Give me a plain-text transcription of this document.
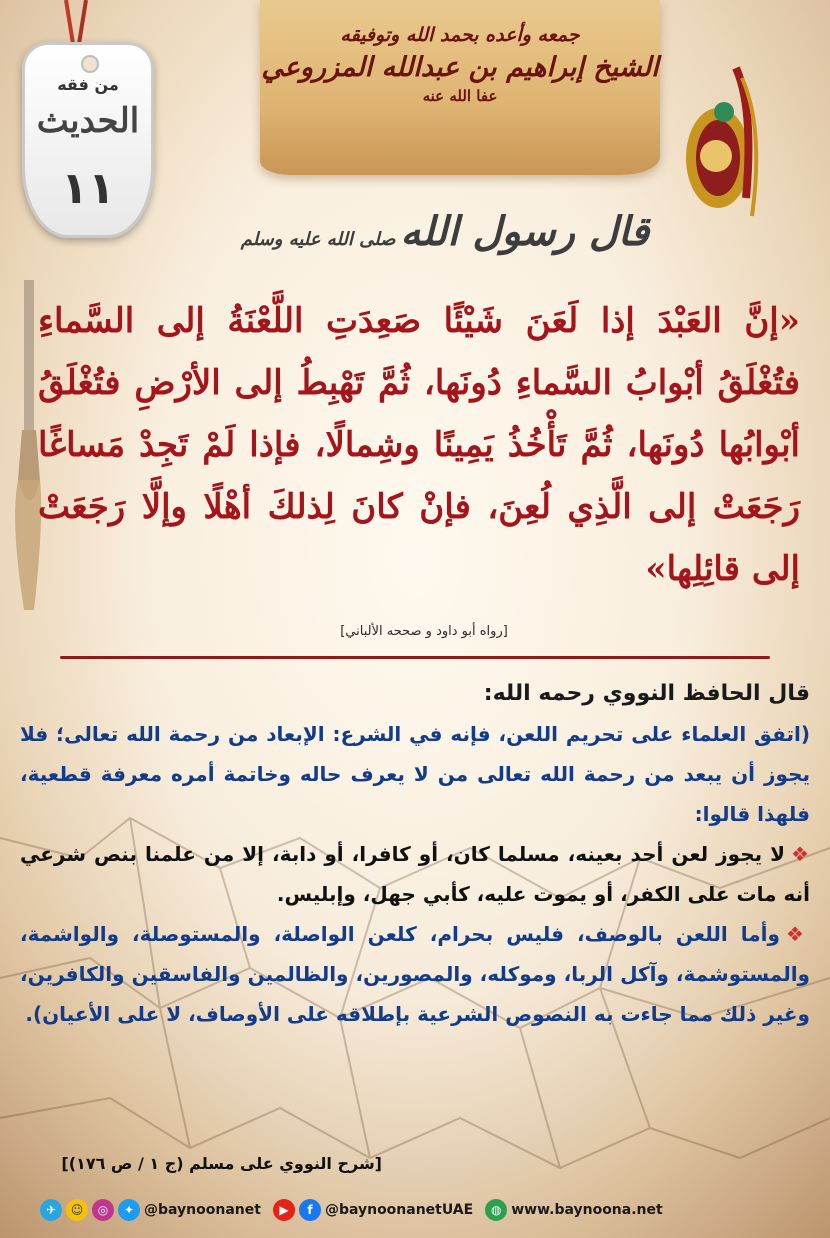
جمعه وأعده بحمد الله وتوفيقه
الشيخ إبراهيم بن عبدالله المزروعي
عفا الله عنه
من فقه
الحديث
١١
قال رسول الله صلى الله عليه وسلم
«إنَّ العَبْدَ إذا لَعَنَ شَيْئًا صَعِدَتِ اللَّعْنَةُ إلى السَّماءِ فتُغْلَقُ أبْوابُ السَّماءِ دُونَها، ثُمَّ تَهْبِطُ إلى الأرْضِ فتُغْلَقُ أبْوابُها دُونَها، ثُمَّ تَأْخُذُ يَمِينًا وشِمالًا، فإذا لَمْ تَجِدْ مَساغًا رَجَعَتْ إلى الَّذِي لُعِنَ، فإنْ كانَ لِذلكَ أهْلًا وإلَّا رَجَعَتْ إلى قائِلِها»
[رواه أبو داود و صححه الألباني]
قال الحافظ النووي رحمه الله:
(اتفق العلماء على تحريم اللعن، فإنه في الشرع: الإبعاد من رحمة الله تعالى؛ فلا يجوز أن يبعد من رحمة الله تعالى من لا يعرف حاله وخاتمة أمره معرفة قطعية، فلهذا قالوا:
❖لا يجوز لعن أحد بعينه، مسلما كان، أو كافرا، أو دابة، إلا من علمنا بنص شرعي أنه مات على الكفر، أو يموت عليه، كأبي جهل، وإبليس.
❖وأما اللعن بالوصف، فليس بحرام، كلعن الواصلة، والمستوصلة، والواشمة، والمستوشمة، وآكل الربا، وموكله، والمصورين، والظالمين والفاسقين والكافرين، وغير ذلك مما جاءت به النصوص الشرعية بإطلاقه على الأوصاف، لا على الأعيان).
[شرح النووي على مسلم (ج ١ / ص ١٧٦)]
✈	☺	◎	✦ @baynoonanet	▶	f @baynoonanetUAE	◍ www.baynoona.net
